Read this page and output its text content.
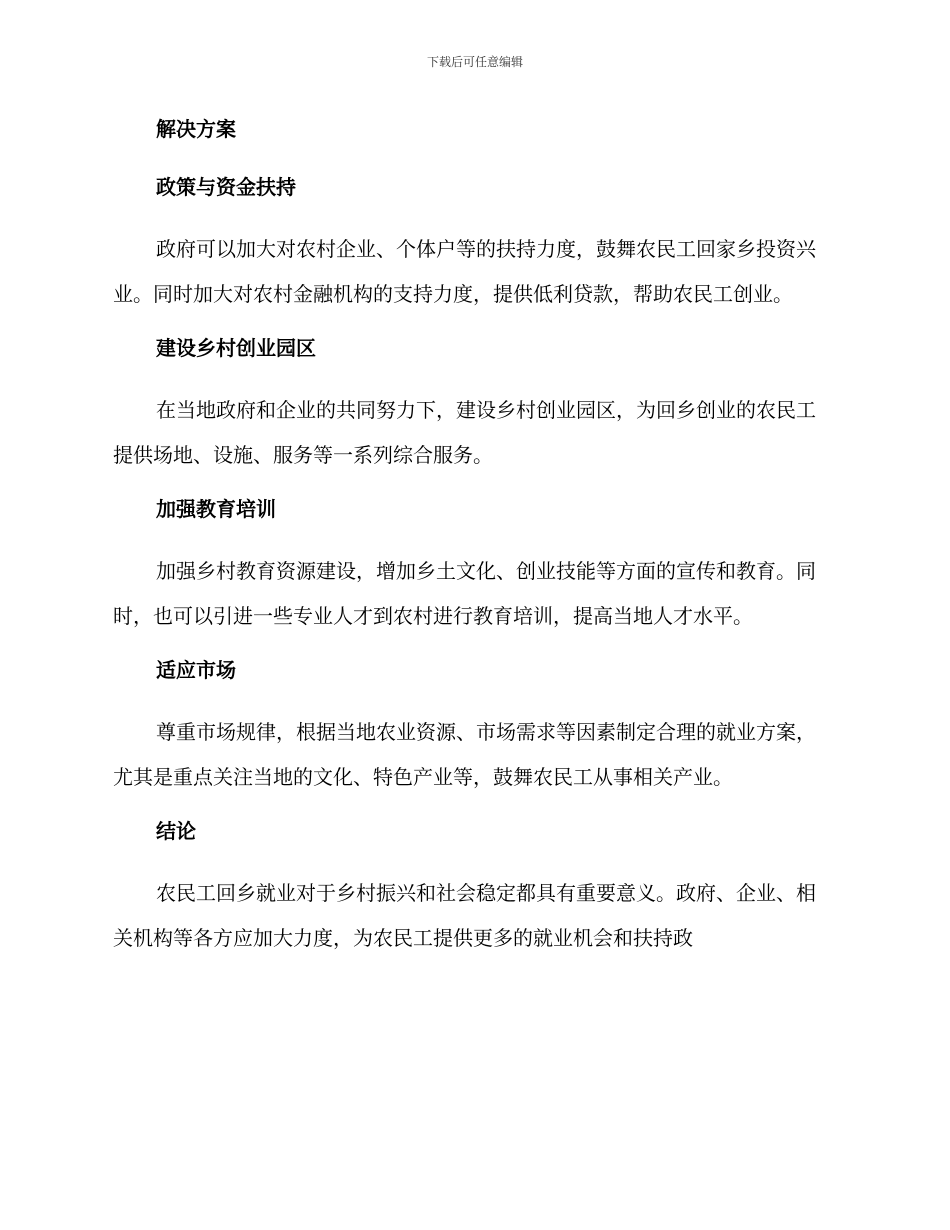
下载后可任意编辑
解决方案
政策与资金扶持

政府可以加大对农村企业、个体户等的扶持力度，鼓舞农民工回家乡投资兴业。同时加大对农村金融机构的支持力度，提供低利贷款，帮助农民工创业。

建设乡村创业园区

在当地政府和企业的共同努力下，建设乡村创业园区，为回乡创业的农民工提供场地、设施、服务等一系列综合服务。

加强教育培训

加强乡村教育资源建设，增加乡土文化、创业技能等方面的宣传和教育。同时，也可以引进一些专业人才到农村进行教育培训，提高当地人才水平。

适应市场

尊重市场规律，根据当地农业资源、市场需求等因素制定合理的就业方案，尤其是重点关注当地的文化、特色产业等，鼓舞农民工从事相关产业。

结论

农民工回乡就业对于乡村振兴和社会稳定都具有重要意义。政府、企业、相关机构等各方应加大力度，为农民工提供更多的就业机会和扶持政
